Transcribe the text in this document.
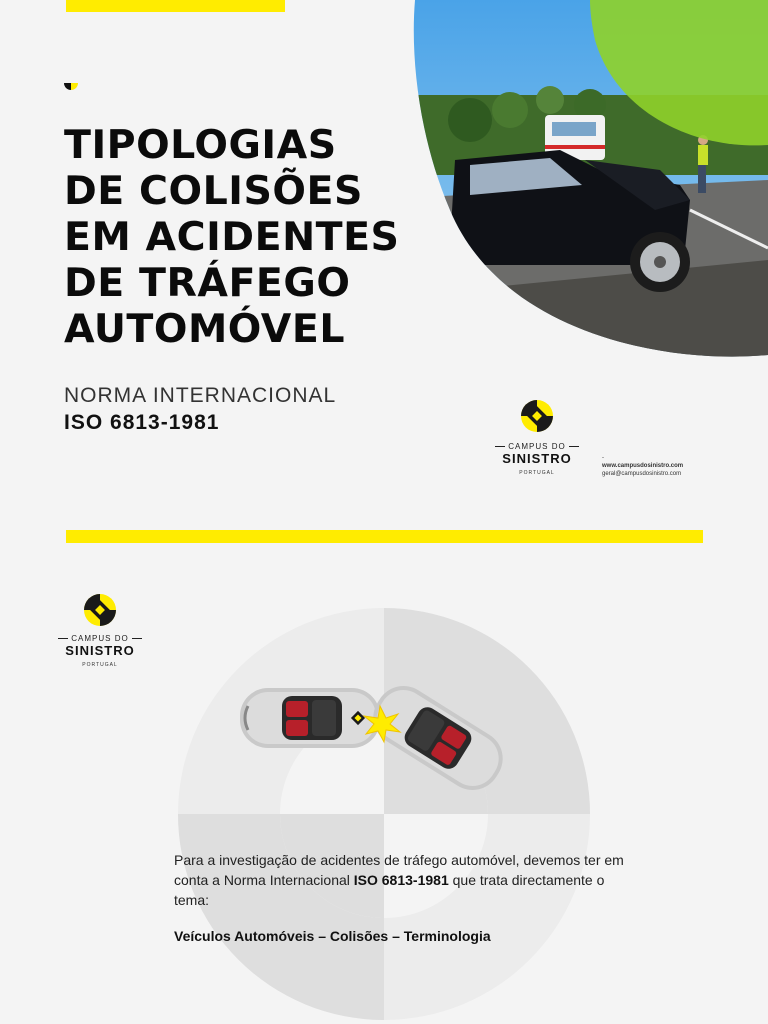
TIPOLOGIAS
DE COLISÕES
EM ACIDENTES
DE TRÁFEGO
AUTOMÓVEL
NORMA INTERNACIONAL
ISO 6813-1981
CAMPUS DO
SINISTRO
PORTUGAL
-
www.campusdosinistro.com
geral@campusdosinistro.com
CAMPUS DO
SINISTRO
PORTUGAL

Para a investigação de acidentes de tráfego automóvel, devemos ter em conta a Norma Internacional ISO 6813-1981 que trata directamente o tema:

Veículos Automóveis – Colisões – Terminologia
